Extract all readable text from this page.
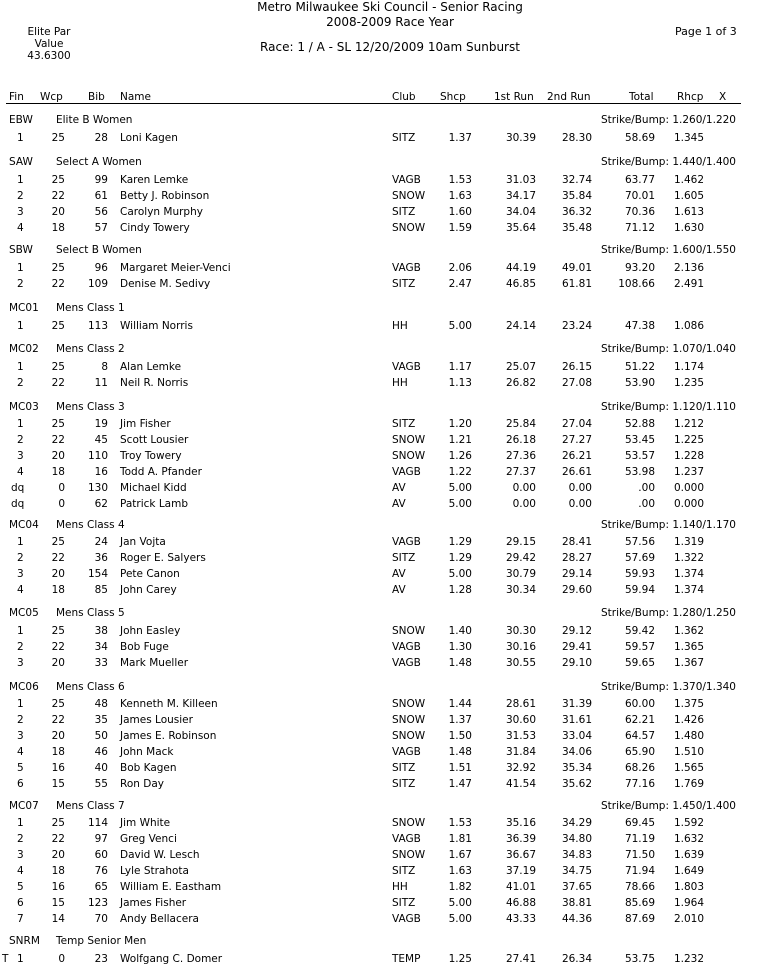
Metro Milwaukee Ski Council - Senior Racing
2008-2009 Race Year
Race: 1 / A - SL 12/20/2009 10am Sunburst
Elite Par
Value
43.6300
Page 1 of 3
Fin Wcp Bib Name	Club Shcp	1st Run 2nd Run	Total Rhcp X
EBW Elite B Women	Strike/Bump: 1.260/1.220
1	25	28 Loni Kagen	SITZ	1.37	30.39	28.30	58.69	1.345
SAW Select A Women	Strike/Bump: 1.440/1.400
1	25	99 Karen Lemke	VAGB	1.53	31.03	32.74	63.77	1.462
2	22	61 Betty J. Robinson	SNOW	1.63	34.17	35.84	70.01	1.605
3	20	56 Carolyn Murphy	SITZ	1.60	34.04	36.32	70.36	1.613
4	18	57 Cindy Towery	SNOW	1.59	35.64	35.48	71.12	1.630
SBW Select B Women	Strike/Bump: 1.600/1.550
1	25	96 Margaret Meier-Venci	VAGB	2.06	44.19	49.01	93.20	2.136
2	22	109 Denise M. Sedivy	SITZ	2.47	46.85	61.81	108.66	2.491
MC01 Mens Class 1
1	25	113 William Norris	HH	5.00	24.14	23.24	47.38	1.086
MC02 Mens Class 2	Strike/Bump: 1.070/1.040
1	25	8 Alan Lemke	VAGB	1.17	25.07	26.15	51.22	1.174
2	22	11 Neil R. Norris	HH	1.13	26.82	27.08	53.90	1.235
MC03 Mens Class 3	Strike/Bump: 1.120/1.110
1	25	19 Jim Fisher	SITZ	1.20	25.84	27.04	52.88	1.212
2	22	45 Scott Lousier	SNOW	1.21	26.18	27.27	53.45	1.225
3	20	110 Troy Towery	SNOW	1.26	27.36	26.21	53.57	1.228
4	18	16 Todd A. Pfander	VAGB	1.22	27.37	26.61	53.98	1.237
dq	0	130 Michael Kidd	AV	5.00	0.00	0.00	.00	0.000
dq	0	62 Patrick Lamb	AV	5.00	0.00	0.00	.00	0.000
MC04 Mens Class 4	Strike/Bump: 1.140/1.170
1	25	24 Jan Vojta	VAGB	1.29	29.15	28.41	57.56	1.319
2	22	36 Roger E. Salyers	SITZ	1.29	29.42	28.27	57.69	1.322
3	20	154 Pete Canon	AV	5.00	30.79	29.14	59.93	1.374
4	18	85 John Carey	AV	1.28	30.34	29.60	59.94	1.374
MC05 Mens Class 5	Strike/Bump: 1.280/1.250
1	25	38 John Easley	SNOW	1.40	30.30	29.12	59.42	1.362
2	22	34 Bob Fuge	VAGB	1.30	30.16	29.41	59.57	1.365
3	20	33 Mark Mueller	VAGB	1.48	30.55	29.10	59.65	1.367
MC06 Mens Class 6	Strike/Bump: 1.370/1.340
1	25	48 Kenneth M. Killeen	SNOW	1.44	28.61	31.39	60.00	1.375
2	22	35 James Lousier	SNOW	1.37	30.60	31.61	62.21	1.426
3	20	50 James E. Robinson	SNOW	1.50	31.53	33.04	64.57	1.480
4	18	46 John Mack	VAGB	1.48	31.84	34.06	65.90	1.510
5	16	40 Bob Kagen	SITZ	1.51	32.92	35.34	68.26	1.565
6	15	55 Ron Day	SITZ	1.47	41.54	35.62	77.16	1.769
MC07 Mens Class 7	Strike/Bump: 1.450/1.400
1	25	114 Jim White	SNOW	1.53	35.16	34.29	69.45	1.592
2	22	97 Greg Venci	VAGB	1.81	36.39	34.80	71.19	1.632
3	20	60 David W. Lesch	SNOW	1.67	36.67	34.83	71.50	1.639
4	18	76 Lyle Strahota	SITZ	1.63	37.19	34.75	71.94	1.649
5	16	65 William E. Eastham	HH	1.82	41.01	37.65	78.66	1.803
6	15	123 James Fisher	SITZ	5.00	46.88	38.81	85.69	1.964
7	14	70 Andy Bellacera	VAGB	5.00	43.33	44.36	87.69	2.010
SNRM Temp Senior Men
T 1	0	23 Wolfgang C. Domer	TEMP	1.25	27.41	26.34	53.75	1.232
